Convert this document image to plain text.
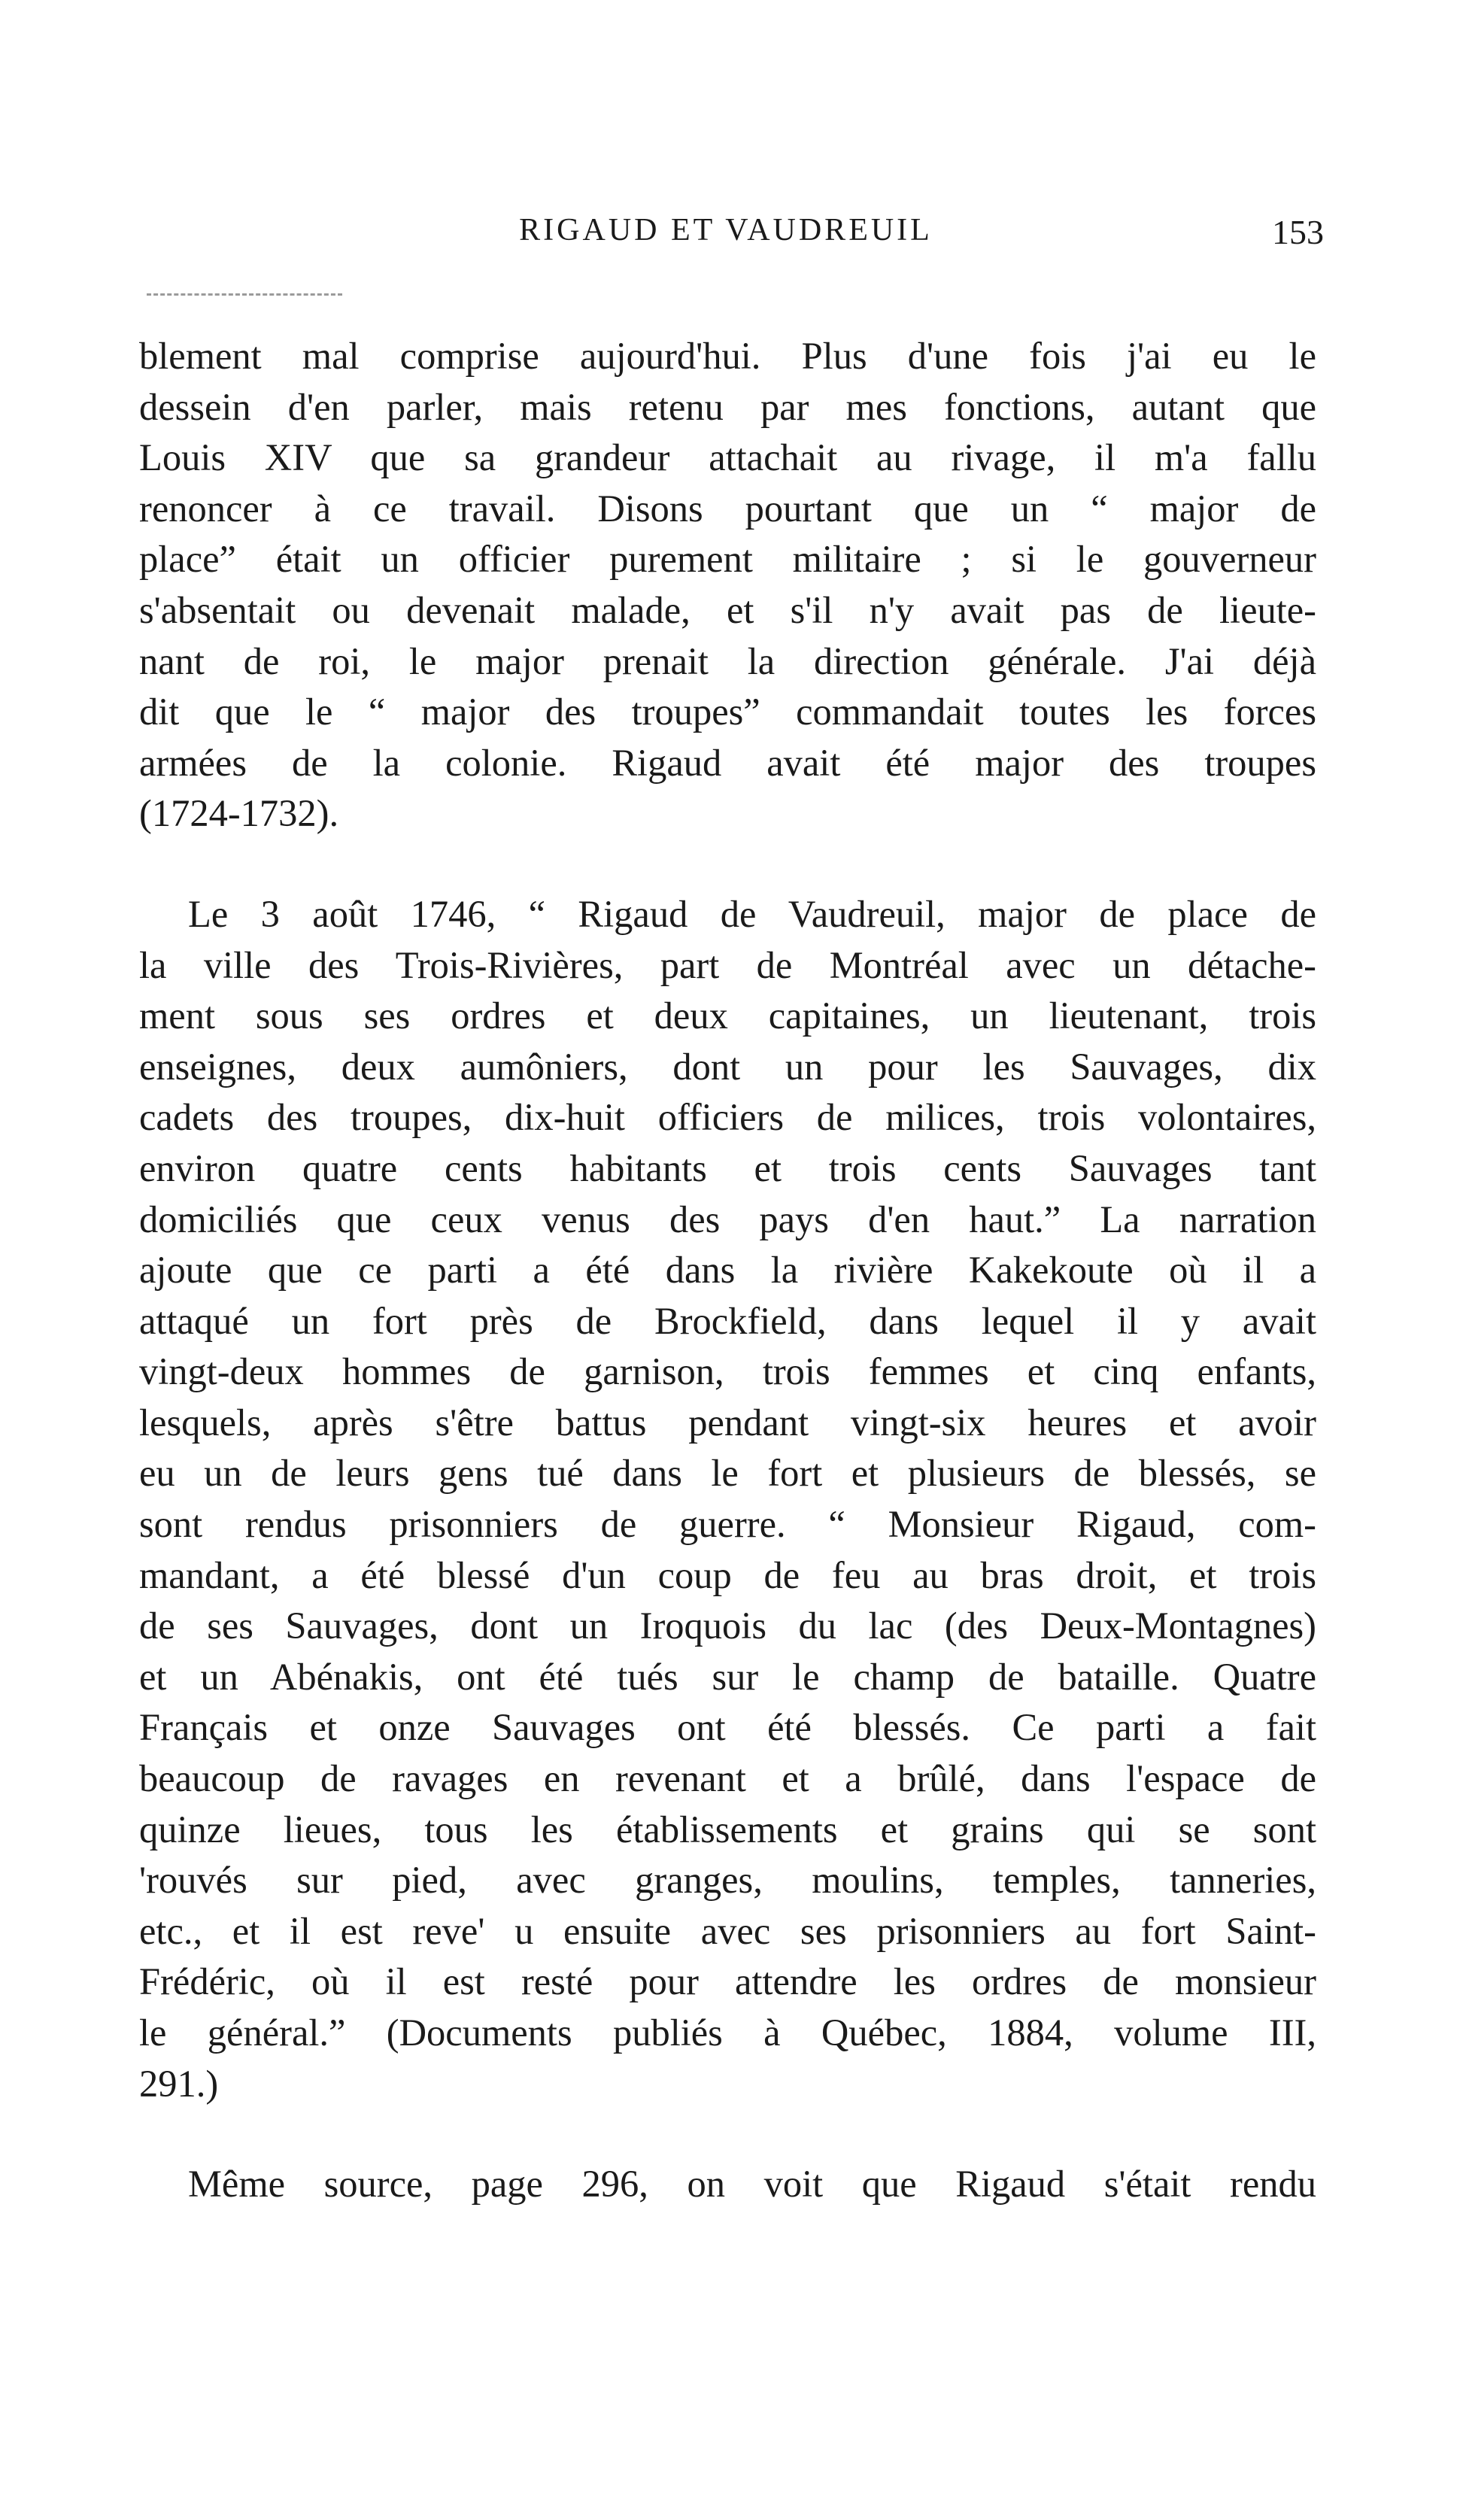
RIGAUD ET VAUDREUIL	153

blement mal comprise aujourd'hui. Plus d'une fois j'ai eu le
dessein d'en parler, mais retenu par mes fonctions, autant que
Louis XIV que sa grandeur attachait au rivage, il m'a fallu
renoncer à ce travail. Disons pourtant que un “ major de
place” était un officier purement militaire ; si le gouverneur
s'absentait ou devenait malade, et s'il n'y avait pas de lieute-
nant de roi, le major prenait la direction générale. J'ai déjà
dit que le “ major des troupes” commandait toutes les forces
armées de la colonie. Rigaud avait été major des troupes
(1724-1732).

Le 3 août 1746, “ Rigaud de Vaudreuil, major de place de
la ville des Trois-Rivières, part de Montréal avec un détache-
ment sous ses ordres et deux capitaines, un lieutenant, trois
enseignes, deux aumôniers, dont un pour les Sauvages, dix
cadets des troupes, dix-huit officiers de milices, trois volontaires,
environ quatre cents habitants et trois cents Sauvages tant
domiciliés que ceux venus des pays d'en haut.” La narration
ajoute que ce parti a été dans la rivière Kakekoute où il a
attaqué un fort près de Brockfield, dans lequel il y avait
vingt-deux hommes de garnison, trois femmes et cinq enfants,
lesquels, après s'être battus pendant vingt-six heures et avoir
eu un de leurs gens tué dans le fort et plusieurs de blessés, se
sont rendus prisonniers de guerre. “ Monsieur Rigaud, com-
mandant, a été blessé d'un coup de feu au bras droit, et trois
de ses Sauvages, dont un Iroquois du lac (des Deux-Montagnes)
et un Abénakis, ont été tués sur le champ de bataille. Quatre
Français et onze Sauvages ont été blessés. Ce parti a fait
beaucoup de ravages en revenant et a brûlé, dans l'espace de
quinze lieues, tous les établissements et grains qui se sont
'rouvés sur pied, avec granges, moulins, temples, tanneries,
etc., et il est reve' u ensuite avec ses prisonniers au fort Saint-
Frédéric, où il est resté pour attendre les ordres de monsieur
le général.” (Documents publiés à Québec, 1884, volume III,
291.)

Même source, page 296, on voit que Rigaud s'était rendu
